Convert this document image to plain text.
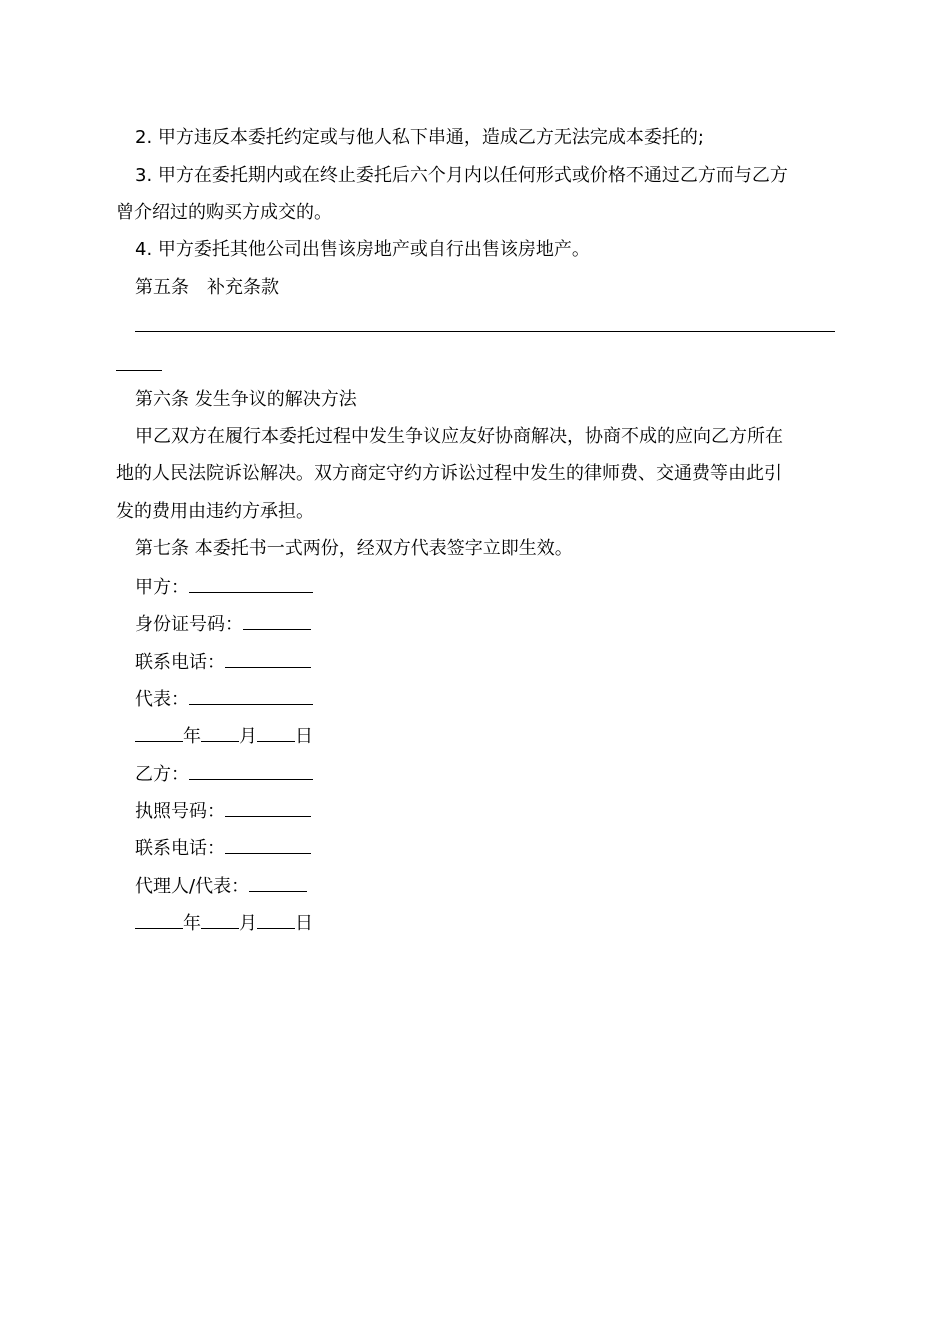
2. 甲方违反本委托约定或与他人私下串通，造成乙方无法完成本委托的;

3. 甲方在委托期内或在终止委托后六个月内以任何形式或价格不通过乙方而与乙方

曾介绍过的购买方成交的。

4. 甲方委托其他公司出售该房地产或自行出售该房地产。

第五条　补充条款

第六条 发生争议的解决方法

甲乙双方在履行本委托过程中发生争议应友好协商解决，协商不成的应向乙方所在

地的人民法院诉讼解决。双方商定守约方诉讼过程中发生的律师费、交通费等由此引

发的费用由违约方承担。

第七条 本委托书一式两份，经双方代表签字立即生效。

甲方：

身份证号码：

联系电话：

代表：

年 月 日

乙方：

执照号码：

联系电话：

代理人/代表：

年 月 日
